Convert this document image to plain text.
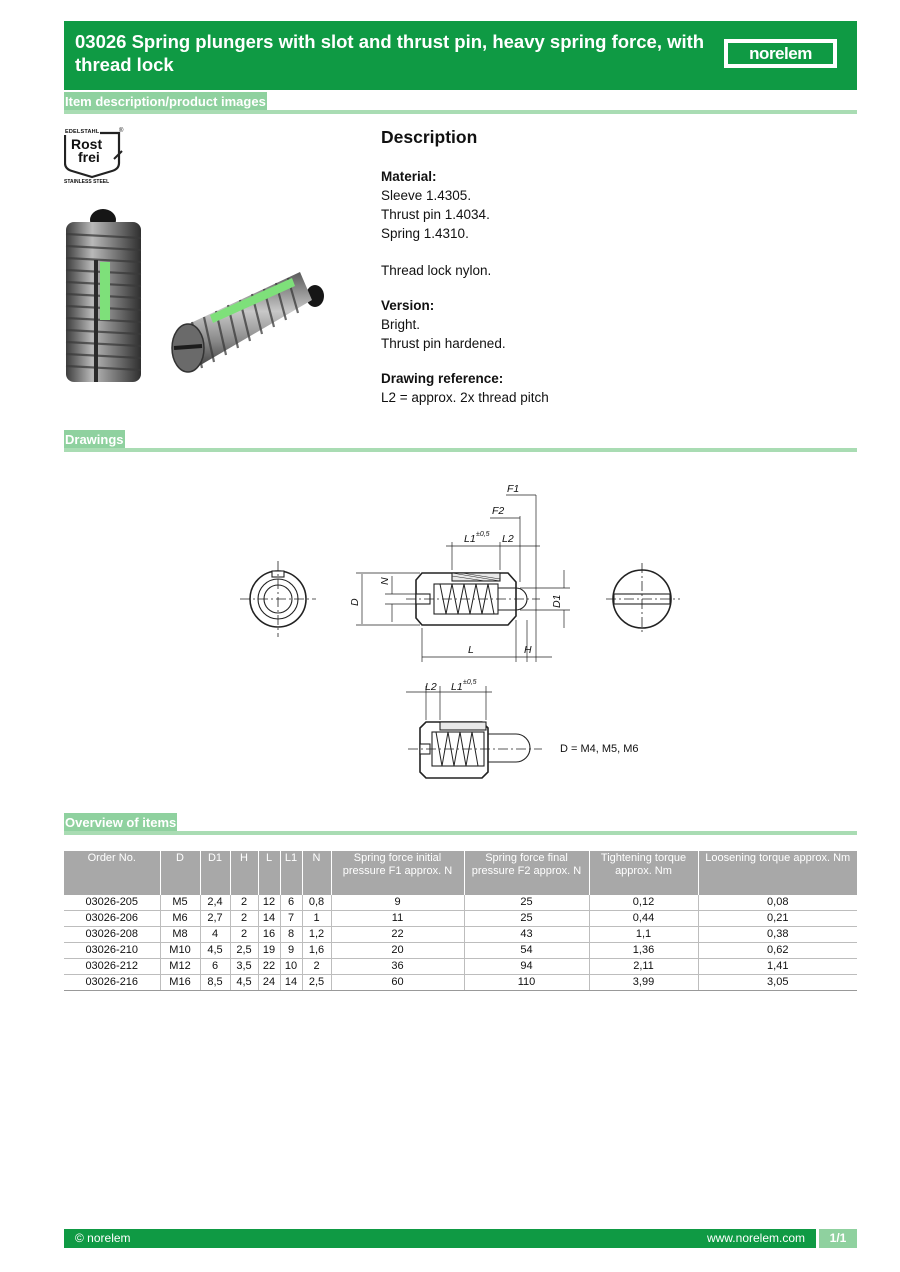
03026 Spring plungers with slot and thrust pin, heavy spring force, with thread lock
norelem
Item description/product images
EDELSTAHL	®
Rost
frei
STAINLESS STEEL
Description
Material:
Sleeve 1.4305.
Thrust pin 1.4034.
Spring 1.4310.
Thread lock nylon.
Version:
Bright.
Thrust pin hardened.
Drawing reference:
L2 = approx. 2x thread pitch
Drawings
F1
F2
L1 ±0,5 L2
N
D	D1
L	H
L2 L1 ±0,5
D = M4, M5, M6
Overview of items
Order No.	D	D1	H	L	L1	N	Spring force initial pressure F1 approx. N	Spring force final pressure F2 approx. N	Tightening torque approx. Nm	Loosening torque approx. Nm
03026-205	M5	2,4	2	12	6	0,8	9	25	0,12	0,08
03026-206	M6	2,7	2	14	7	1	11	25	0,44	0,21
03026-208	M8	4	2	16	8	1,2	22	43	1,1	0,38
03026-210	M10	4,5	2,5	19	9	1,6	20	54	1,36	0,62
03026-212	M12	6	3,5	22	10	2	36	94	2,11	1,41
03026-216	M16	8,5	4,5	24	14	2,5	60	110	3,99	3,05
© norelem	www.norelem.com	1/1
